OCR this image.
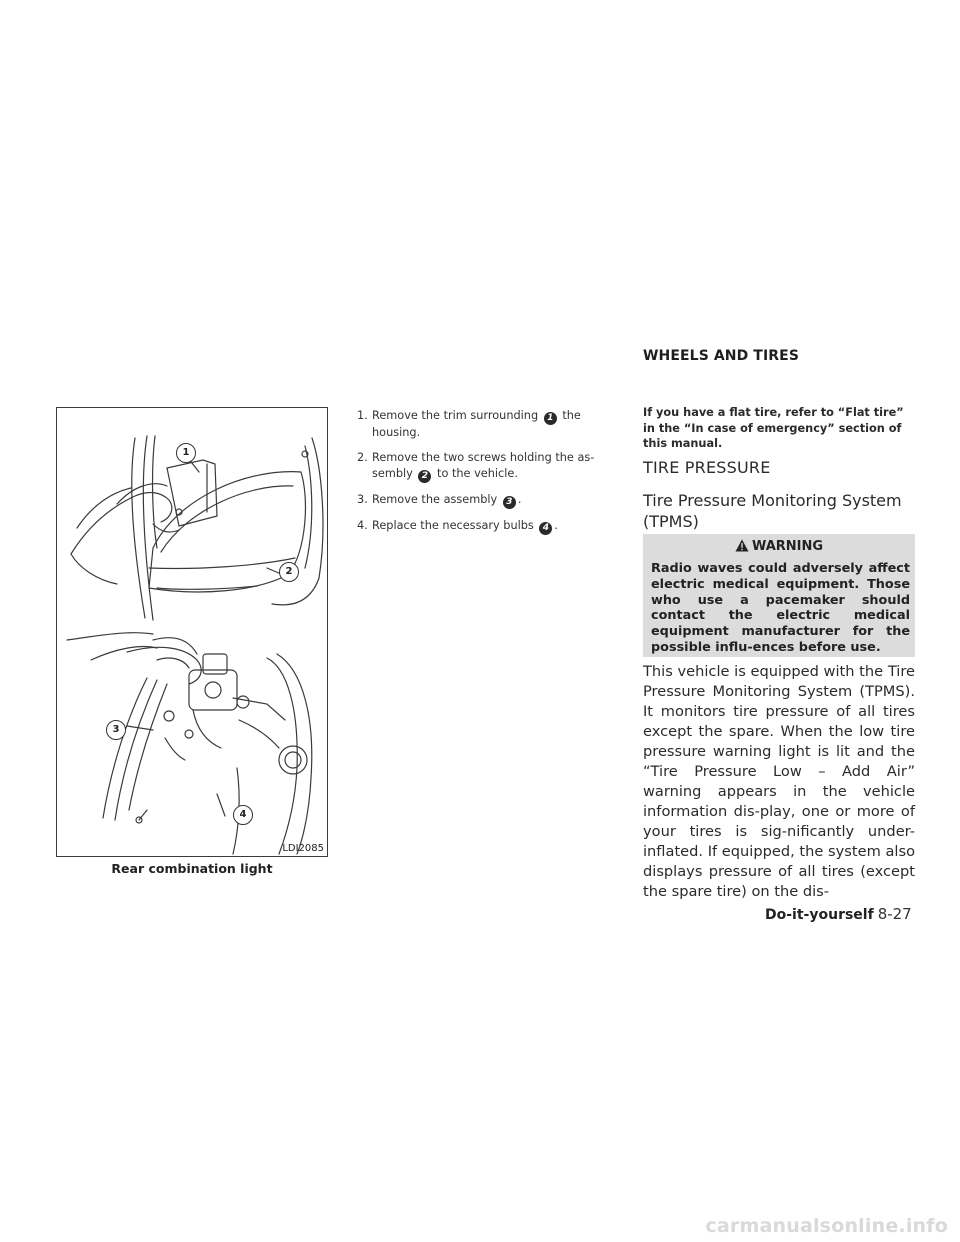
WHEELS AND TIRES
1
2
3
4
LDI2085
Rear combination light
1. Remove the trim surrounding 1 the housing.
2. Remove the two screws holding the as-sembly 2 to the vehicle.
3. Remove the assembly 3 .
4. Replace the necessary bulbs 4 .
If you have a flat tire, refer to “Flat tire” in the “In case of emergency” section of this manual.
TIRE PRESSURE
Tire Pressure Monitoring System (TPMS)
WARNING
Radio waves could adversely affect electric medical equipment. Those who use a pacemaker should contact the electric medical equipment manufacturer for the possible influ-ences before use.
This vehicle is equipped with the Tire Pressure Monitoring System (TPMS). It monitors tire pressure of all tires except the spare. When the low tire pressure warning light is lit and the “Tire Pressure Low – Add Air” warning appears in the vehicle information dis-play, one or more of your tires is sig-nificantly under-inflated. If equipped, the system also displays pressure of all tires (except the spare tire) on the dis-
Do-it-yourself 8-27
carmanualsonline.info
